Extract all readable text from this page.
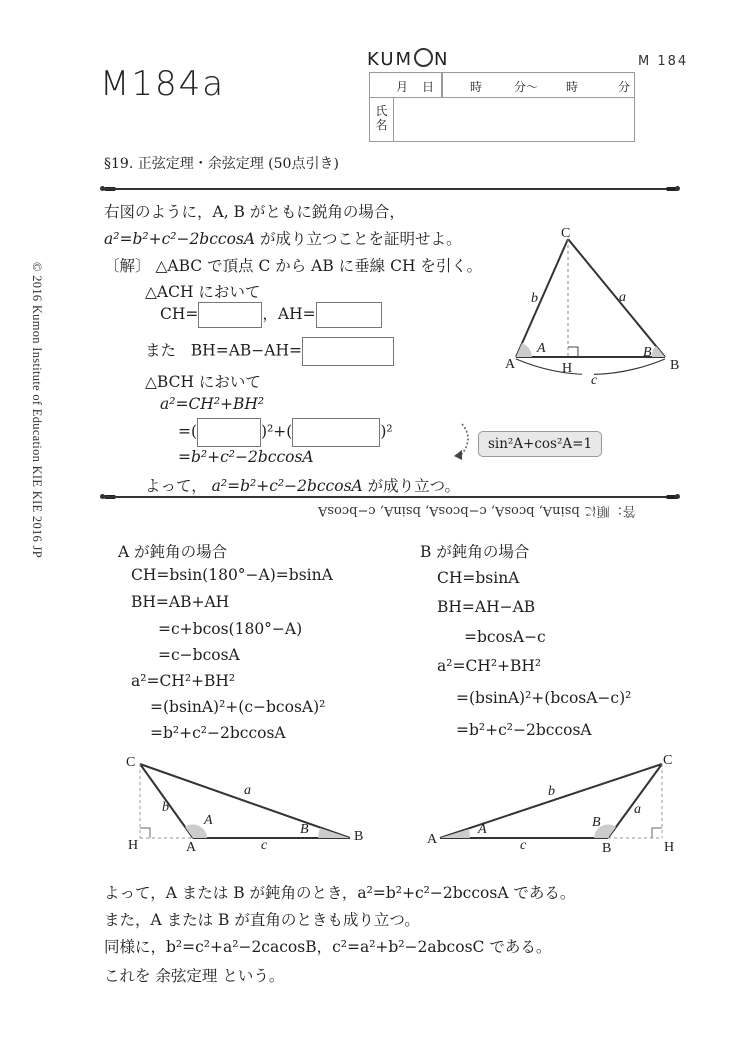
M184a
KUM N	M 184
月 日	時	分〜 時	分
氏
名
§19. 正弦定理・余弦定理 (50点引き)
© 2016 Kumon Institute of Education KIE KIE 2016 JP
右図のように，A, B がともに鋭角の場合，
a²=b²+c²−2bccosA が成り立つことを証明せよ。
〔解〕 △ABC で頂点 C から AB に垂線 CH を引く。
△ACH において
CH=	，AH=
また BH=AB−AH=
△BCH において
a²=CH²+BH²
=(	)²+(	)²
=b²+c²−2bccosA
よって， a²=b²+c²−2bccosA が成り立つ。
sin²A+cos²A=1
C
A	B
H
b	a
c
A	B
答：順に bsinA, bcosA, c−bcosA, bsinA, c−bcosA
A が鈍角の場合
CH=bsin(180°−A)=bsinA
BH=AB+AH
=c+bcos(180°−A)
=c−bcosA
a²=CH²+BH²
=(bsinA)²+(c−bcosA)²
=b²+c²−2bccosA
B が鈍角の場合
CH=bsinA
BH=AH−AB
=bcosA−c
a²=CH²+BH²
=(bsinA)²+(bcosA−c)²
=b²+c²−2bccosA
C
H	A
B
b
a
c
A
B
A
B
C
H
b
a
c
A	B
よって，A または B が鈍角のとき，a²=b²+c²−2bccosA である。
また，A または B が直角のときも成り立つ。
同様に，b²=c²+a²−2cacosB，c²=a²+b²−2abcosC である。
これを 余弦定理 という。
